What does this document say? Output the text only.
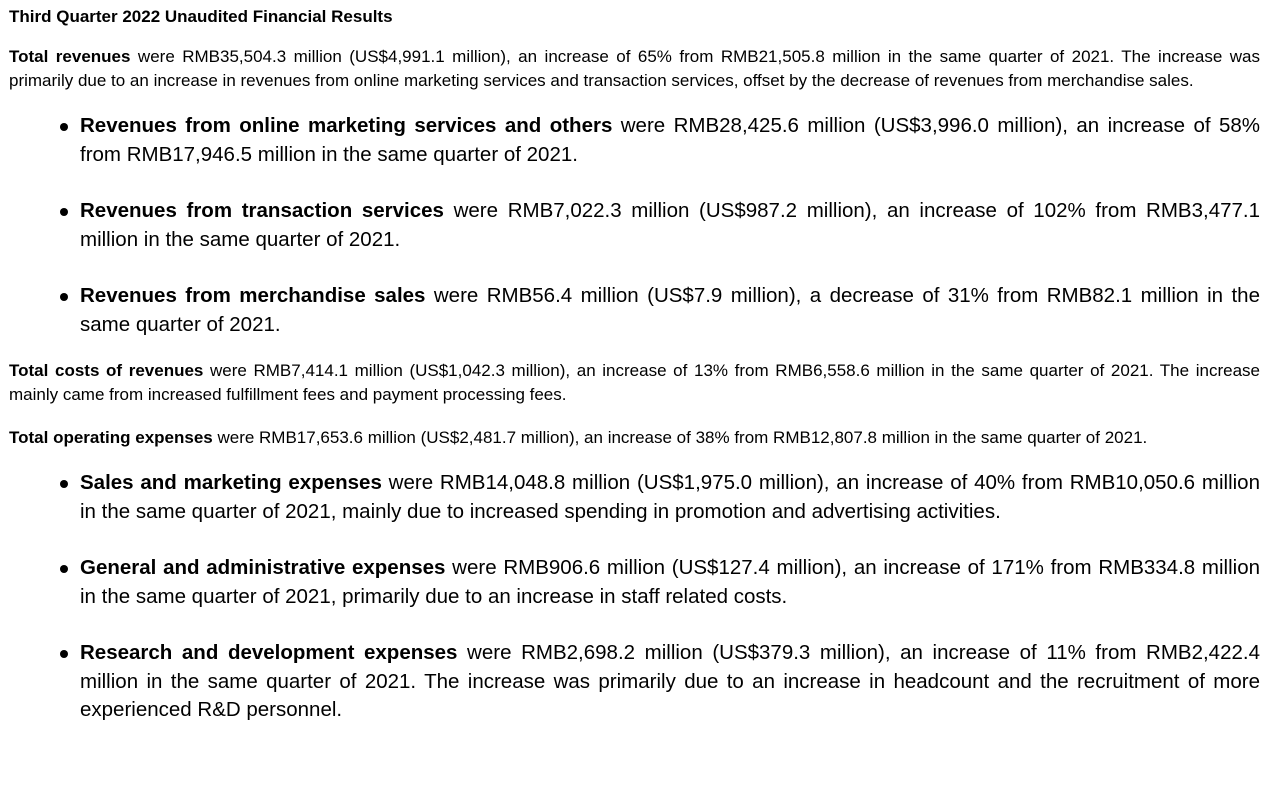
Third Quarter 2022 Unaudited Financial Results

Total revenues were RMB35,504.3 million (US$4,991.1 million), an increase of 65% from RMB21,505.8 million in the same quarter of 2021. The increase was primarily due to an increase in revenues from online marketing services and transaction services, offset by the decrease of revenues from merchandise sales.

Revenues from online marketing services and others were RMB28,425.6 million (US$3,996.0 million), an increase of 58% from RMB17,946.5 million in the same quarter of 2021.
Revenues from transaction services were RMB7,022.3 million (US$987.2 million), an increase of 102% from RMB3,477.1 million in the same quarter of 2021.
Revenues from merchandise sales were RMB56.4 million (US$7.9 million), a decrease of 31% from RMB82.1 million in the same quarter of 2021.

Total costs of revenues were RMB7,414.1 million (US$1,042.3 million), an increase of 13% from RMB6,558.6 million in the same quarter of 2021. The increase mainly came from increased fulfillment fees and payment processing fees.

Total operating expenses were RMB17,653.6 million (US$2,481.7 million), an increase of 38% from RMB12,807.8 million in the same quarter of 2021.

Sales and marketing expenses were RMB14,048.8 million (US$1,975.0 million), an increase of 40% from RMB10,050.6 million in the same quarter of 2021, mainly due to increased spending in promotion and advertising activities.
General and administrative expenses were RMB906.6 million (US$127.4 million), an increase of 171% from RMB334.8 million in the same quarter of 2021, primarily due to an increase in staff related costs.
Research and development expenses were RMB2,698.2 million (US$379.3 million), an increase of 11% from RMB2,422.4 million in the same quarter of 2021. The increase was primarily due to an increase in headcount and the recruitment of more experienced R&D personnel.
